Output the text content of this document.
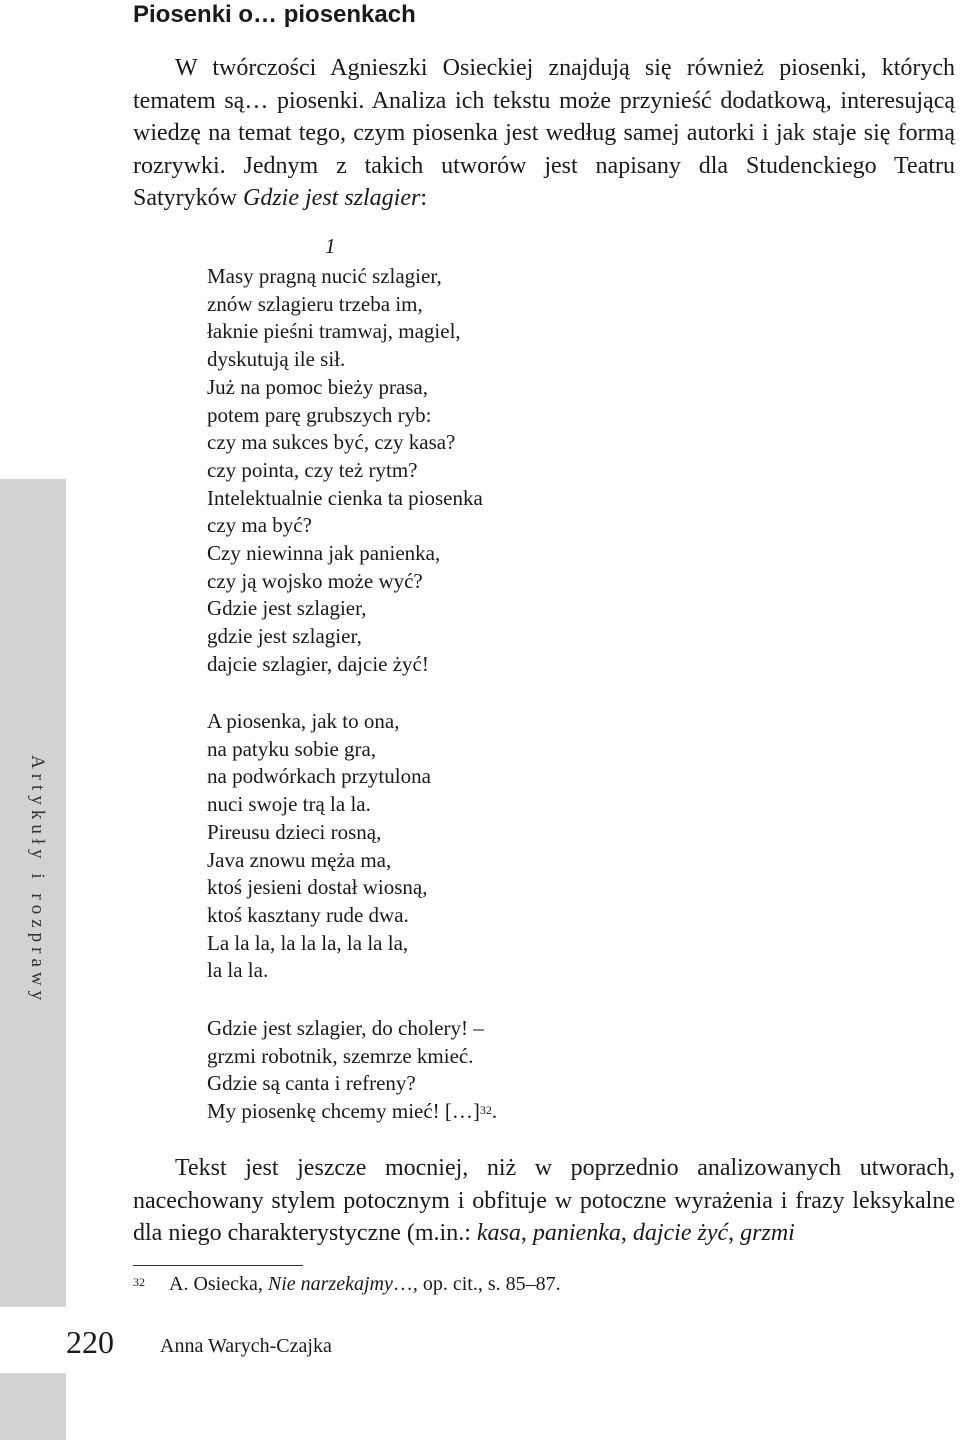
Artykuły i rozprawy
220 Anna Warych-Czajka
Piosenki o… piosenkach

W twórczości Agnieszki Osieckiej znajdują się również piosenki, których tematem są… piosenki. Analiza ich tekstu może przynieść dodatkową, interesującą wiedzę na temat tego, czym piosenka jest według samej autorki i jak staje się formą rozrywki. Jednym z takich utworów jest napisany dla Studenckiego Teatru Satyryków Gdzie jest szlagier:

1
Masy pragną nucić szlagier,
znów szlagieru trzeba im,
łaknie pieśni tramwaj, magiel,
dyskutują ile sił.
Już na pomoc bieży prasa,
potem parę grubszych ryb:
czy ma sukces być, czy kasa?
czy pointa, czy też rytm?
Intelektualnie cienka ta piosenka
czy ma być?
Czy niewinna jak panienka,
czy ją wojsko może wyć?
Gdzie jest szlagier,
gdzie jest szlagier,
dajcie szlagier, dajcie żyć!
A piosenka, jak to ona,
na patyku sobie gra,
na podwórkach przytulona
nuci swoje trą la la.
Pireusu dzieci rosną,
Java znowu męża ma,
ktoś jesieni dostał wiosną,
ktoś kasztany rude dwa.
La la la, la la la, la la la,
la la la.
Gdzie jest szlagier, do cholery! –
grzmi robotnik, szemrze kmieć.
Gdzie są canta i refreny?
My piosenkę chcemy mieć! […]$^{32}$.

Tekst jest jeszcze mocniej, niż w poprzednio analizowanych utworach, nacechowany stylem potocznym i obfituje w potoczne wyrażenia i frazy leksykalne dla niego charakterystyczne (m.in.: kasa, panienka, dajcie żyć, grzmi

$^{32}$ A. Osiecka, Nie narzekajmy…, op. cit., s. 85–87.
